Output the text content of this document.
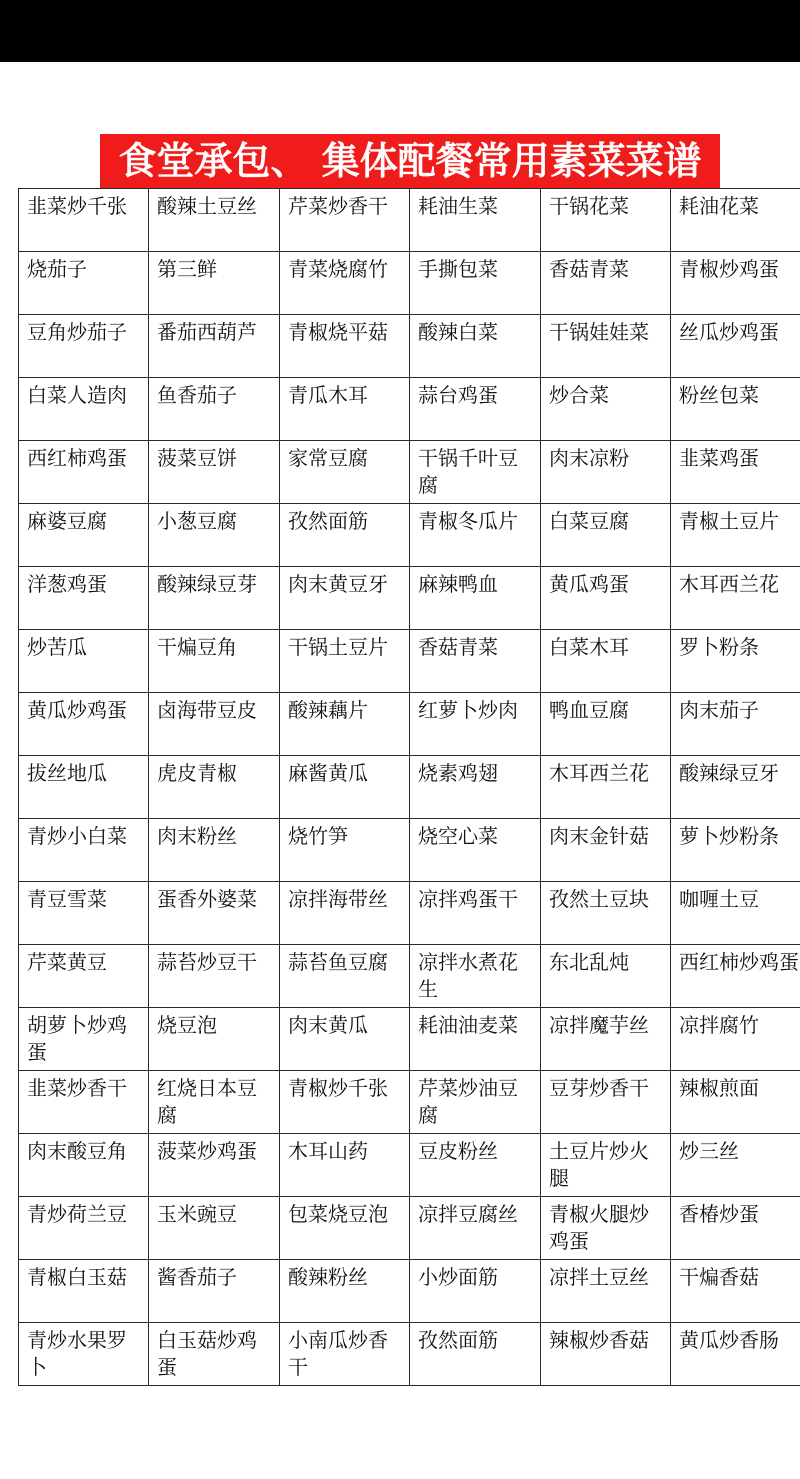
食堂承包、 集体配餐常用素菜菜谱
韭菜炒千张	酸辣土豆丝	芹菜炒香干	耗油生菜	干锅花菜	耗油花菜
烧茄子	第三鲜	青菜烧腐竹	手撕包菜	香菇青菜	青椒炒鸡蛋
豆角炒茄子	番茄西葫芦	青椒烧平菇	酸辣白菜	干锅娃娃菜	丝瓜炒鸡蛋
白菜人造肉	鱼香茄子	青瓜木耳	蒜台鸡蛋	炒合菜	粉丝包菜
西红柿鸡蛋	菠菜豆饼	家常豆腐	干锅千叶豆腐	肉末凉粉	韭菜鸡蛋
麻婆豆腐	小葱豆腐	孜然面筋	青椒冬瓜片	白菜豆腐	青椒土豆片
洋葱鸡蛋	酸辣绿豆芽	肉末黄豆牙	麻辣鸭血	黄瓜鸡蛋	木耳西兰花
炒苦瓜	干煸豆角	干锅土豆片	香菇青菜	白菜木耳	罗卜粉条
黄瓜炒鸡蛋	卤海带豆皮	酸辣藕片	红萝卜炒肉	鸭血豆腐	肉末茄子
拔丝地瓜	虎皮青椒	麻酱黄瓜	烧素鸡翅	木耳西兰花	酸辣绿豆牙
青炒小白菜	肉末粉丝	烧竹笋	烧空心菜	肉末金针菇	萝卜炒粉条
青豆雪菜	蛋香外婆菜	凉拌海带丝	凉拌鸡蛋干	孜然土豆块	咖喱土豆
芹菜黄豆	蒜苔炒豆干	蒜苔鱼豆腐	凉拌水煮花生	东北乱炖	西红柿炒鸡蛋
胡萝卜炒鸡蛋	烧豆泡	肉末黄瓜	耗油油麦菜	凉拌魔芋丝	凉拌腐竹
韭菜炒香干	红烧日本豆腐	青椒炒千张	芹菜炒油豆腐	豆芽炒香干	辣椒煎面
肉末酸豆角	菠菜炒鸡蛋	木耳山药	豆皮粉丝	土豆片炒火腿	炒三丝
青炒荷兰豆	玉米豌豆	包菜烧豆泡	凉拌豆腐丝	青椒火腿炒鸡蛋	香椿炒蛋
青椒白玉菇	酱香茄子	酸辣粉丝	小炒面筋	凉拌土豆丝	干煸香菇
青炒水果罗卜	白玉菇炒鸡蛋	小南瓜炒香干	孜然面筋	辣椒炒香菇	黄瓜炒香肠
